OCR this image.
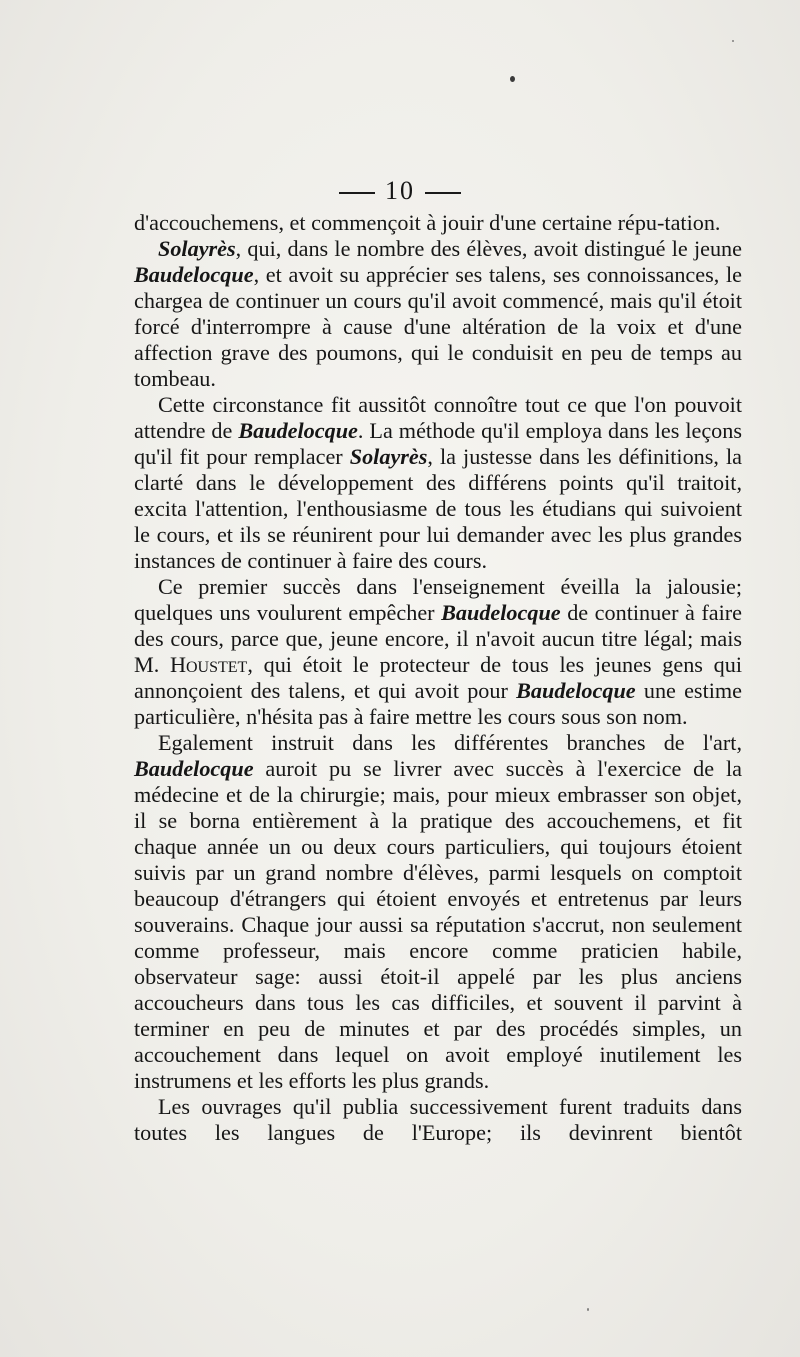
10

d'accouchemens, et commençoit à jouir d'une certaine répu-tation.

Solayrès, qui, dans le nombre des élèves, avoit distingué le jeune Baudelocque, et avoit su apprécier ses talens, ses connoissances, le chargea de continuer un cours qu'il avoit commencé, mais qu'il étoit forcé d'interrompre à cause d'une altération de la voix et d'une affection grave des poumons, qui le conduisit en peu de temps au tombeau.

Cette circonstance fit aussitôt connoître tout ce que l'on pouvoit attendre de Baudelocque. La méthode qu'il employa dans les leçons qu'il fit pour remplacer Solayrès, la justesse dans les définitions, la clarté dans le développement des différens points qu'il traitoit, excita l'attention, l'enthousiasme de tous les étudians qui suivoient le cours, et ils se réunirent pour lui demander avec les plus grandes instances de continuer à faire des cours.

Ce premier succès dans l'enseignement éveilla la jalousie; quelques uns voulurent empêcher Baudelocque de continuer à faire des cours, parce que, jeune encore, il n'avoit aucun titre légal; mais M. Houstet, qui étoit le protecteur de tous les jeunes gens qui annonçoient des talens, et qui avoit pour Baudelocque une estime particulière, n'hésita pas à faire mettre les cours sous son nom.

Egalement instruit dans les différentes branches de l'art, Baudelocque auroit pu se livrer avec succès à l'exercice de la médecine et de la chirurgie; mais, pour mieux embrasser son objet, il se borna entièrement à la pratique des accouchemens, et fit chaque année un ou deux cours particuliers, qui toujours étoient suivis par un grand nombre d'élèves, parmi lesquels on comptoit beaucoup d'étrangers qui étoient envoyés et entretenus par leurs souverains. Chaque jour aussi sa réputation s'accrut, non seulement comme professeur, mais encore comme praticien habile, observateur sage: aussi étoit-il appelé par les plus anciens accoucheurs dans tous les cas difficiles, et souvent il parvint à terminer en peu de minutes et par des procédés simples, un accouchement dans lequel on avoit employé inutilement les instrumens et les efforts les plus grands.

Les ouvrages qu'il publia successivement furent traduits dans toutes les langues de l'Europe; ils devinrent bientôt
